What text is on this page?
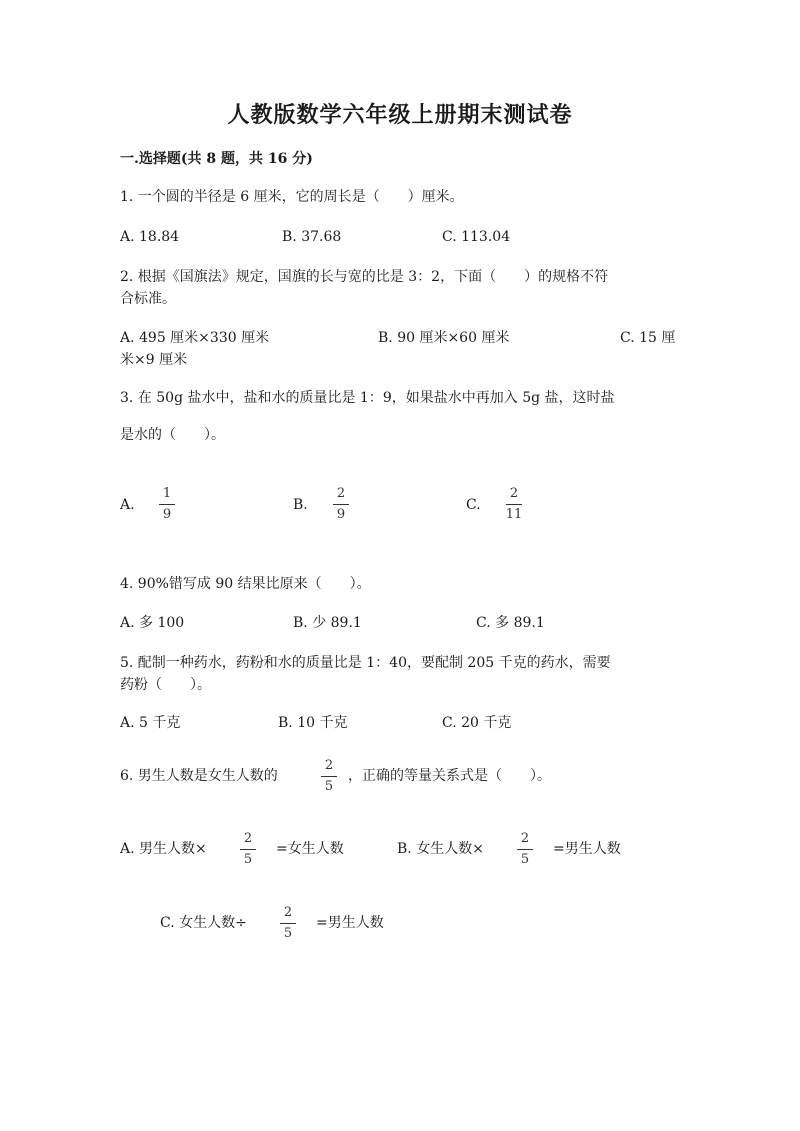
人教版数学六年级上册期末测试卷
一.选择题(共 8 题，共 16 分)
1. 一个圆的半径是 6 厘米，它的周长是（　　）厘米。
A. 18.84	B. 37.68	C. 113.04
2. 根据《国旗法》规定，国旗的长与宽的比是 3：2，下面（　　）的规格不符
合标准。
A. 495 厘米×330 厘米	B. 90 厘米×60 厘米	C. 15 厘
米×9 厘米
3. 在 50g 盐水中，盐和水的质量比是 1：9，如果盐水中再加入 5g 盐，这时盐
是水的（　　）。
A.
1
9
B.
2
9
C.
2
11
4. 90%错写成 90 结果比原来（　　）。
A. 多 100	B. 少 89.1	C. 多 89.1
5. 配制一种药水，药粉和水的质量比是 1：40，要配制 205 千克的药水，需要
药粉（　　）。
A. 5 千克	B. 10 千克	C. 20 千克
6. 男生人数是女生人数的
2
5
，正确的等量关系式是（　　）。
A. 男生人数×
2
5
=女生人数	B. 女生人数×
2
5
=男生人数
C. 女生人数÷
2
5
=男生人数
